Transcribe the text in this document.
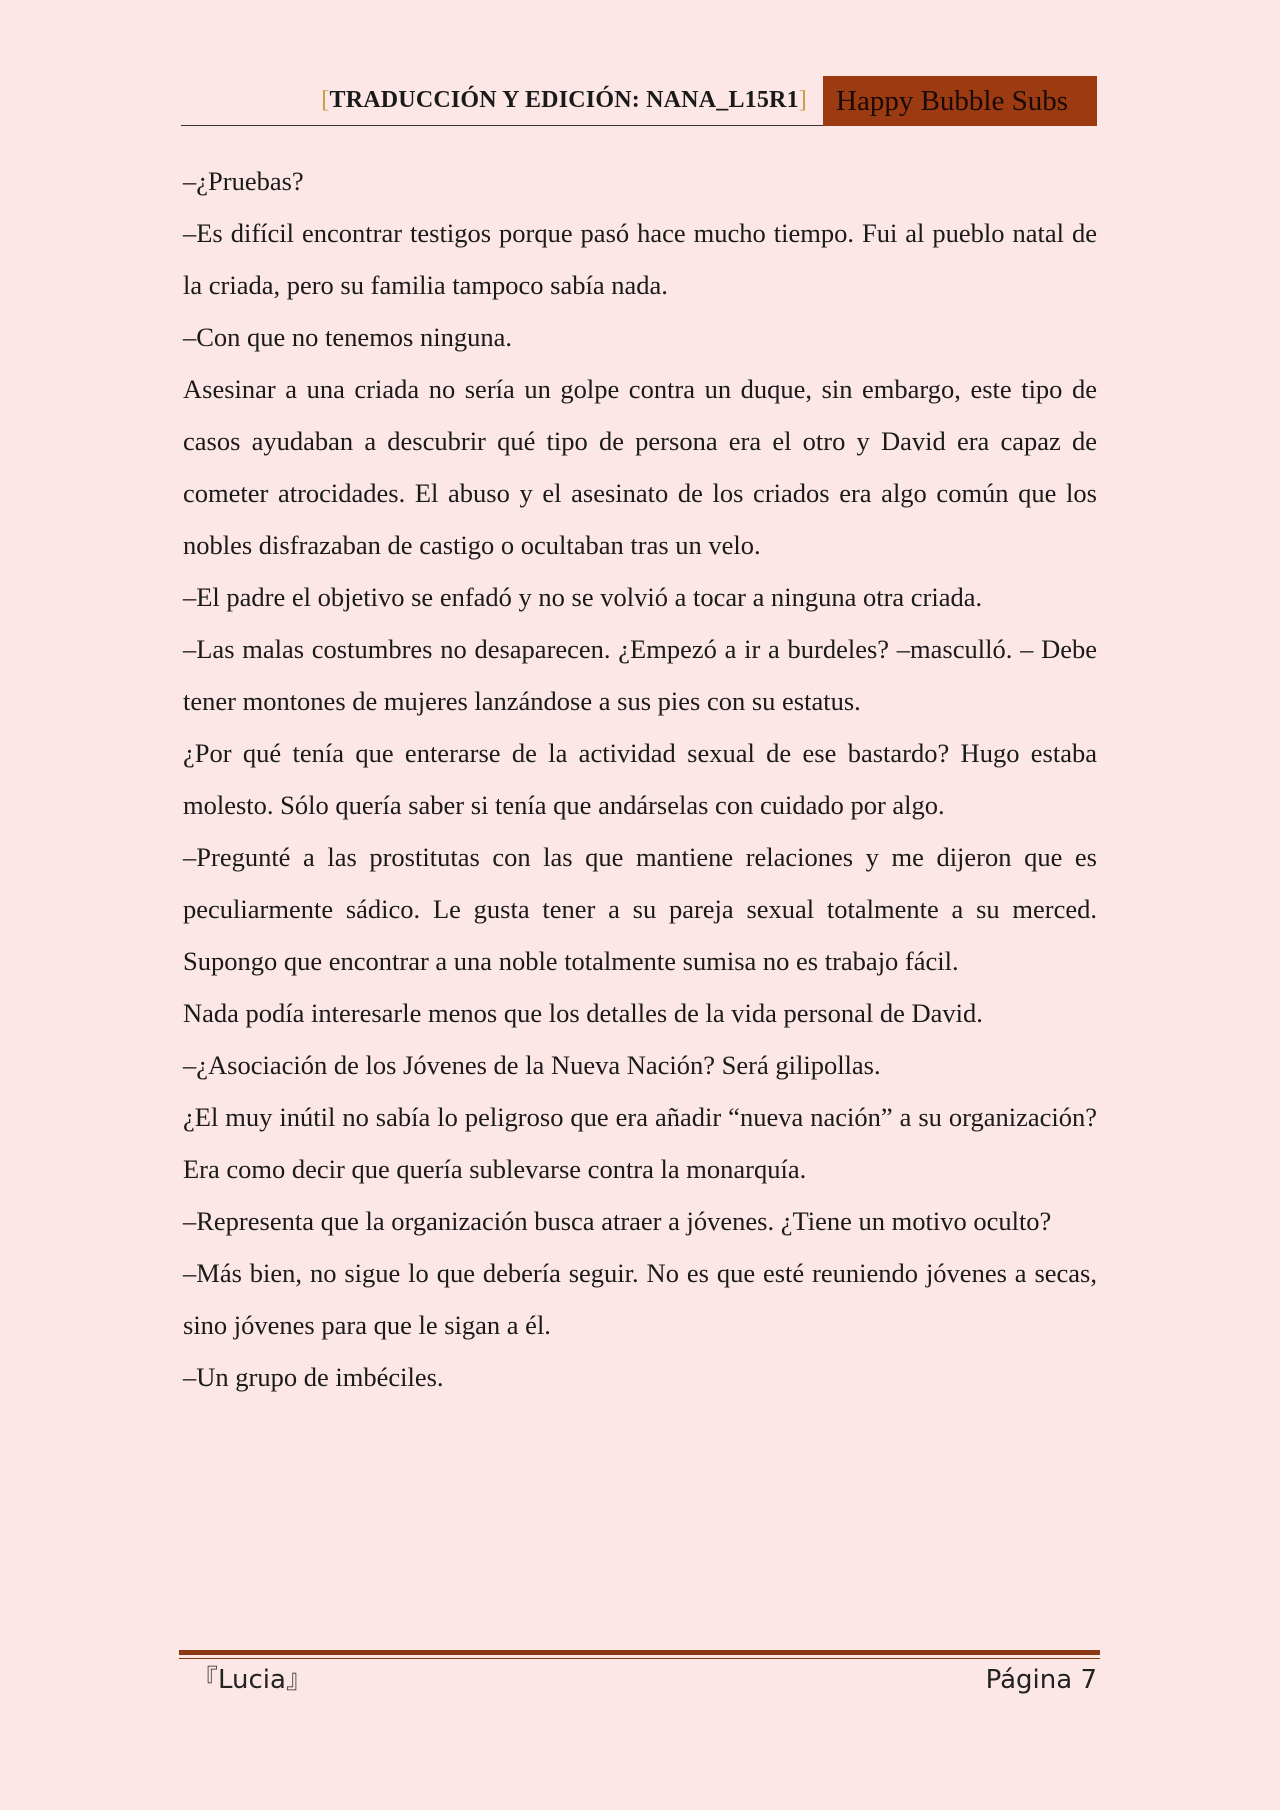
[TRADUCCIÓN Y EDICIÓN: NANA_L15R1]	Happy Bubble Subs

–¿Pruebas?

–Es difícil encontrar testigos porque pasó hace mucho tiempo. Fui al pueblo natal de la criada, pero su familia tampoco sabía nada.

–Con que no tenemos ninguna.

Asesinar a una criada no sería un golpe contra un duque, sin embargo, este tipo de casos ayudaban a descubrir qué tipo de persona era el otro y David era capaz de cometer atrocidades. El abuso y el asesinato de los criados era algo común que los nobles disfrazaban de castigo o ocultaban tras un velo.

–El padre el objetivo se enfadó y no se volvió a tocar a ninguna otra criada.

–Las malas costumbres no desaparecen. ¿Empezó a ir a burdeles? –masculló. – Debe tener montones de mujeres lanzándose a sus pies con su estatus.

¿Por qué tenía que enterarse de la actividad sexual de ese bastardo? Hugo estaba molesto. Sólo quería saber si tenía que andárselas con cuidado por algo.

–Pregunté a las prostitutas con las que mantiene relaciones y me dijeron que es peculiarmente sádico. Le gusta tener a su pareja sexual totalmente a su merced. Supongo que encontrar a una noble totalmente sumisa no es trabajo fácil.

Nada podía interesarle menos que los detalles de la vida personal de David.

–¿Asociación de los Jóvenes de la Nueva Nación? Será gilipollas.

¿El muy inútil no sabía lo peligroso que era añadir “nueva nación” a su organización? Era como decir que quería sublevarse contra la monarquía.

–Representa que la organización busca atraer a jóvenes. ¿Tiene un motivo oculto?

–Más bien, no sigue lo que debería seguir. No es que esté reuniendo jóvenes a secas, sino jóvenes para que le sigan a él.

–Un grupo de imbéciles.

『Lucia』	Página 7
